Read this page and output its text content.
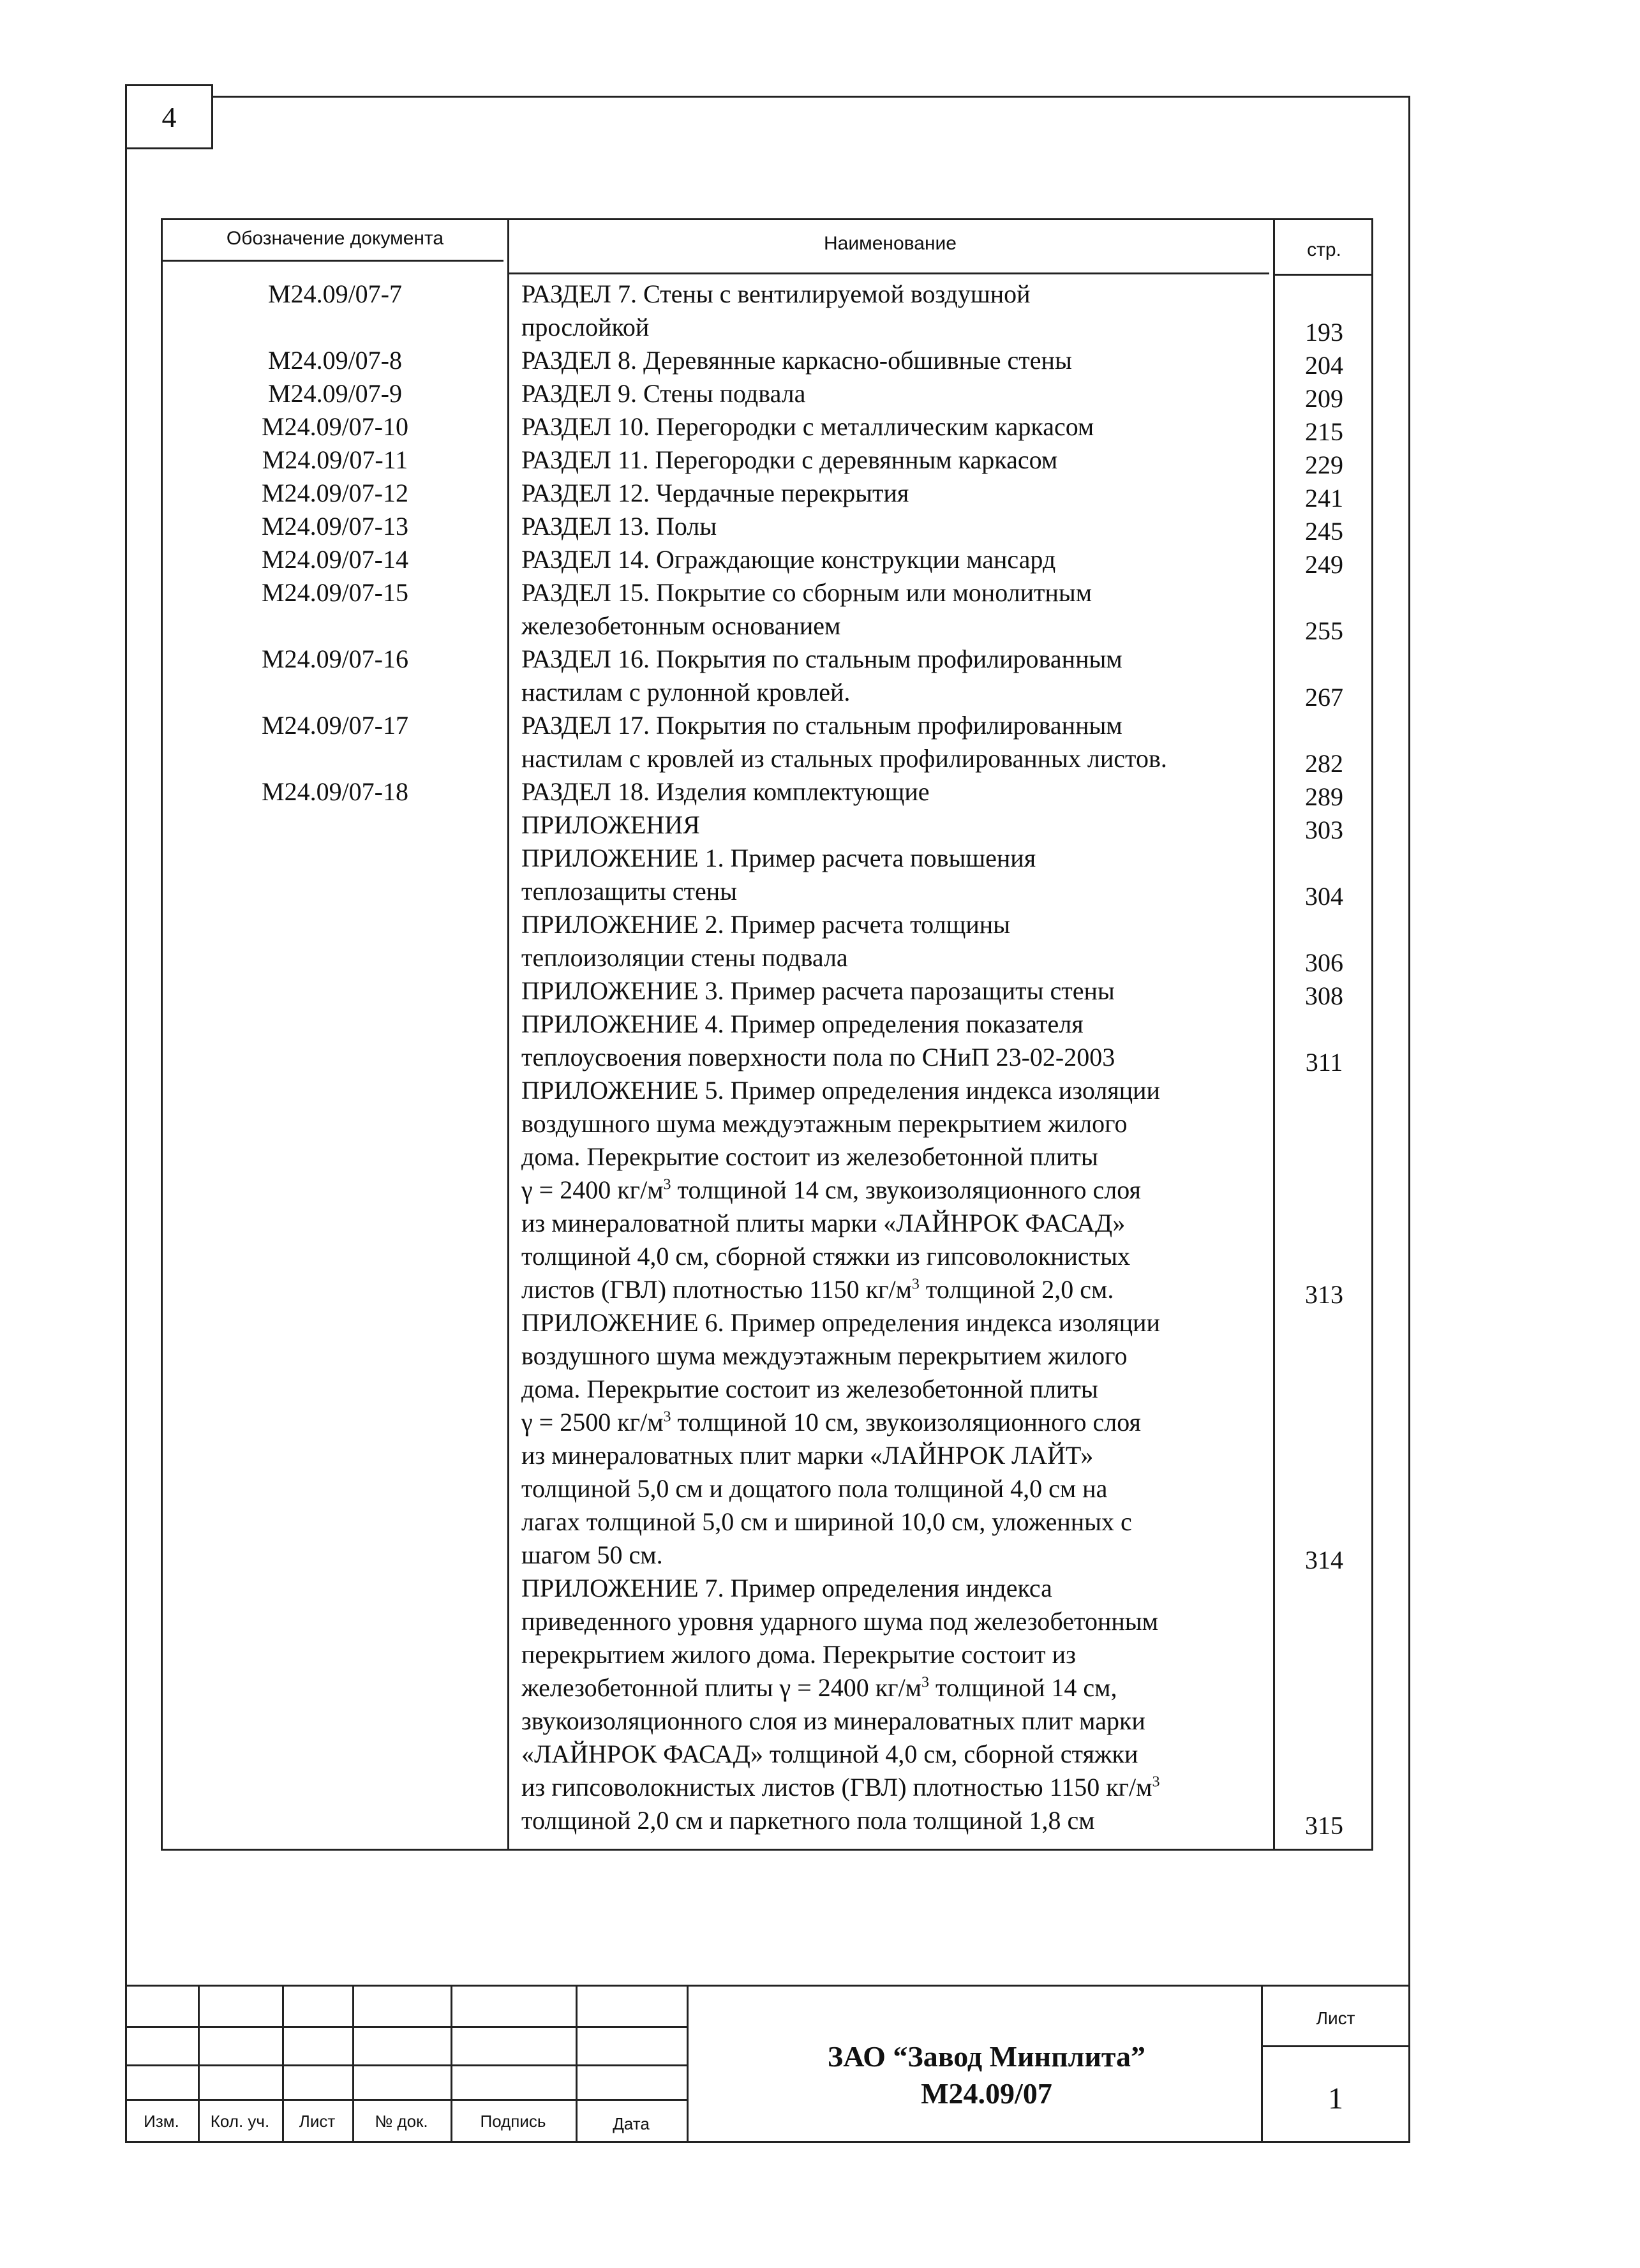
4
Обозначение документа	Наименование	стр.
М24.09/07-7	РАЗДЕЛ 7. Стены с вентилируемой воздушной
прослойкой	193
М24.09/07-8	РАЗДЕЛ 8. Деревянные каркасно-обшивные стены	204
М24.09/07-9	РАЗДЕЛ 9. Стены подвала	209
М24.09/07-10	РАЗДЕЛ 10. Перегородки с металлическим каркасом	215
М24.09/07-11	РАЗДЕЛ 11. Перегородки с деревянным каркасом	229
М24.09/07-12	РАЗДЕЛ 12. Чердачные перекрытия	241
М24.09/07-13	РАЗДЕЛ 13. Полы	245
М24.09/07-14	РАЗДЕЛ 14. Ограждающие конструкции мансард	249
М24.09/07-15	РАЗДЕЛ 15. Покрытие со сборным или монолитным
железобетонным основанием	255
М24.09/07-16	РАЗДЕЛ 16. Покрытия по стальным профилированным
настилам с рулонной кровлей.	267
М24.09/07-17	РАЗДЕЛ 17. Покрытия по стальным профилированным
настилам с кровлей из стальных профилированных листов.	282
М24.09/07-18	РАЗДЕЛ 18. Изделия комплектующие	289
ПРИЛОЖЕНИЯ	303
ПРИЛОЖЕНИЕ 1. Пример расчета повышения
теплозащиты стены	304
ПРИЛОЖЕНИЕ 2. Пример расчета толщины
теплоизоляции стены подвала	306
ПРИЛОЖЕНИЕ 3. Пример расчета парозащиты стены	308
ПРИЛОЖЕНИЕ 4. Пример определения показателя
теплоусвоения поверхности пола по СНиП 23-02-2003	311
ПРИЛОЖЕНИЕ 5. Пример определения индекса изоляции
воздушного шума междуэтажным перекрытием жилого
дома. Перекрытие состоит из железобетонной плиты
γ = 2400 $кг/м^3$ толщиной 14 см, звукоизоляционного слоя
из минераловатной плиты марки «ЛАЙНРОК ФАСАД»
толщиной 4,0 см, сборной стяжки из гипсоволокнистых
листов (ГВЛ) плотностью 1150 $кг/м^3$ толщиной 2,0 см.	313
ПРИЛОЖЕНИЕ 6. Пример определения индекса изоляции
воздушного шума междуэтажным перекрытием жилого
дома. Перекрытие состоит из железобетонной плиты
γ = 2500 $кг/м^3$ толщиной 10 см, звукоизоляционного слоя
из минераловатных плит марки «ЛАЙНРОК ЛАЙТ»
толщиной 5,0 см и дощатого пола толщиной 4,0 см на
лагах толщиной 5,0 см и шириной 10,0 см, уложенных с
шагом 50 см.	314
ПРИЛОЖЕНИЕ 7. Пример определения индекса
приведенного уровня ударного шума под железобетонным
перекрытием жилого дома. Перекрытие состоит из
железобетонной плиты γ = 2400 $кг/м^3$ толщиной 14 см,
звукоизоляционного слоя из минераловатных плит марки
«ЛАЙНРОК ФАСАД» толщиной 4,0 см, сборной стяжки
из гипсоволокнистых листов (ГВЛ) плотностью 1150 $кг/м^3$
толщиной 2,0 см и паркетного пола толщиной 1,8 см	315
Изм.	Кол. уч.	Лист	№ док.	Подпись	Дата
ЗАО “Завод Минплита”
М24.09/07
Лист
1
